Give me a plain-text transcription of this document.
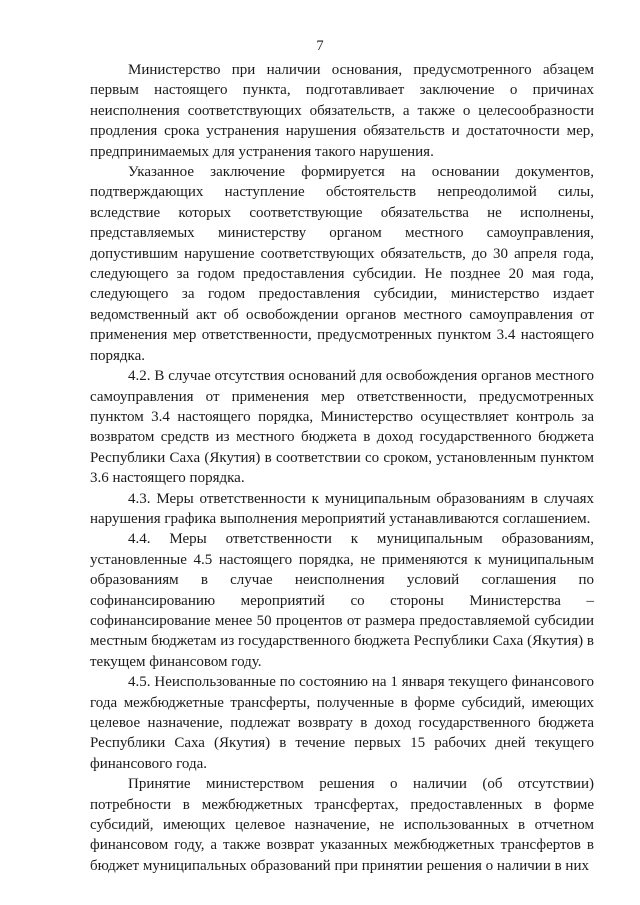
7

Министерство при наличии основания, предусмотренного абзацем первым настоящего пункта, подготавливает заключение о причинах неисполнения соответствующих обязательств, а также о целесообразности продления срока устранения нарушения обязательств и достаточности мер, предпринимаемых для устранения такого нарушения.

Указанное заключение формируется на основании документов, подтверждающих наступление обстоятельств непреодолимой силы, вследствие которых соответствующие обязательства не исполнены, представляемых министерству органом местного самоуправления, допустившим нарушение соответствующих обязательств, до 30 апреля года, следующего за годом предоставления субсидии. Не позднее 20 мая года, следующего за годом предоставления субсидии, министерство издает ведомственный акт об освобождении органов местного самоуправления от применения мер ответственности, предусмотренных пунктом 3.4 настоящего порядка.

4.2. В случае отсутствия оснований для освобождения органов местного самоуправления от применения мер ответственности, предусмотренных пунктом 3.4 настоящего порядка, Министерство осуществляет контроль за возвратом средств из местного бюджета в доход государственного бюджета Республики Саха (Якутия) в соответствии со сроком, установленным пунктом 3.6 настоящего порядка.

4.3. Меры ответственности к муниципальным образованиям в случаях нарушения графика выполнения мероприятий устанавливаются соглашением.

4.4. Меры ответственности к муниципальным образованиям, установленные 4.5 настоящего порядка, не применяются к муниципальным образованиям в случае неисполнения условий соглашения по софинансированию мероприятий со стороны Министерства – софинансирование менее 50 процентов от размера предоставляемой субсидии местным бюджетам из государственного бюджета Республики Саха (Якутия) в текущем финансовом году.

4.5. Неиспользованные по состоянию на 1 января текущего финансового года межбюджетные трансферты, полученные в форме субсидий, имеющих целевое назначение, подлежат возврату в доход государственного бюджета Республики Саха (Якутия) в течение первых 15 рабочих дней текущего финансового года.

Принятие министерством решения о наличии (об отсутствии) потребности в межбюджетных трансфертах, предоставленных в форме субсидий, имеющих целевое назначение, не использованных в отчетном финансовом году, а также возврат указанных межбюджетных трансфертов в бюджет муниципальных образований при принятии решения о наличии в них
